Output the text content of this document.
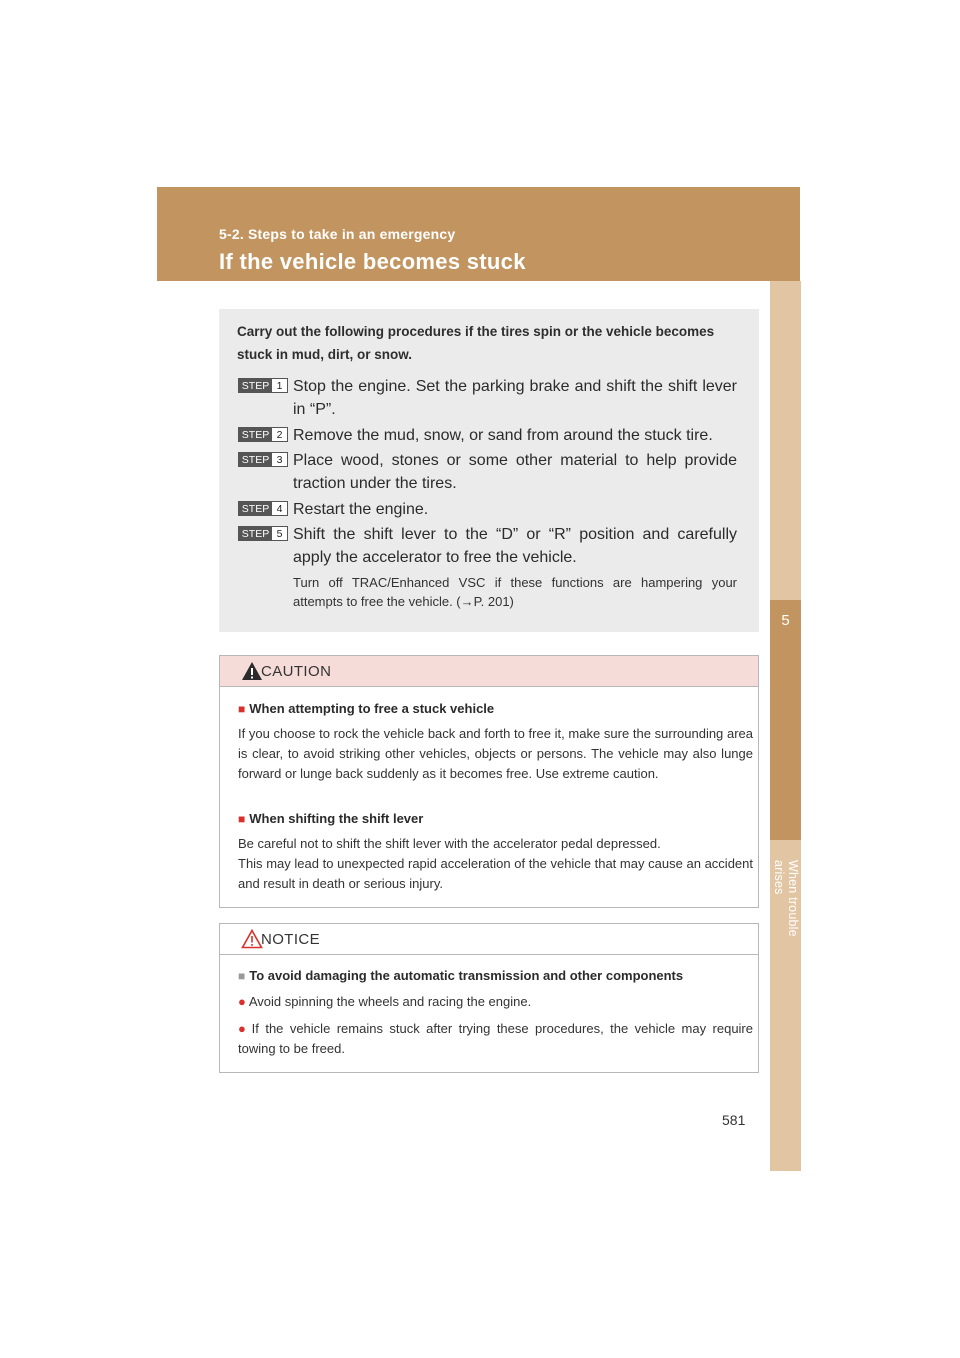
5-2. Steps to take in an emergency
If the vehicle becomes stuck
5
When trouble arises
Carry out the following procedures if the tires spin or the vehicle becomes stuck in mud, dirt, or snow.
STEP 1 Stop the engine. Set the parking brake and shift the shift lever in “P”.
STEP 2 Remove the mud, snow, or sand from around the stuck tire.
STEP 3 Place wood, stones or some other material to help provide traction under the tires.
STEP 4 Restart the engine.
STEP 5 Shift the shift lever to the “D” or “R” position and carefully apply the accelerator to free the vehicle.
Turn off TRAC/Enhanced VSC if these functions are hampering your attempts to free the vehicle. (→P. 201)
CAUTION
■ When attempting to free a stuck vehicle
If you choose to rock the vehicle back and forth to free it, make sure the surrounding area is clear, to avoid striking other vehicles, objects or persons. The vehicle may also lunge forward or lunge back suddenly as it becomes free. Use extreme caution.
■ When shifting the shift lever
Be careful not to shift the shift lever with the accelerator pedal depressed.
This may lead to unexpected rapid acceleration of the vehicle that may cause an accident and result in death or serious injury.
NOTICE
■ To avoid damaging the automatic transmission and other components
● Avoid spinning the wheels and racing the engine.
● If the vehicle remains stuck after trying these procedures, the vehicle may require towing to be freed.
581
